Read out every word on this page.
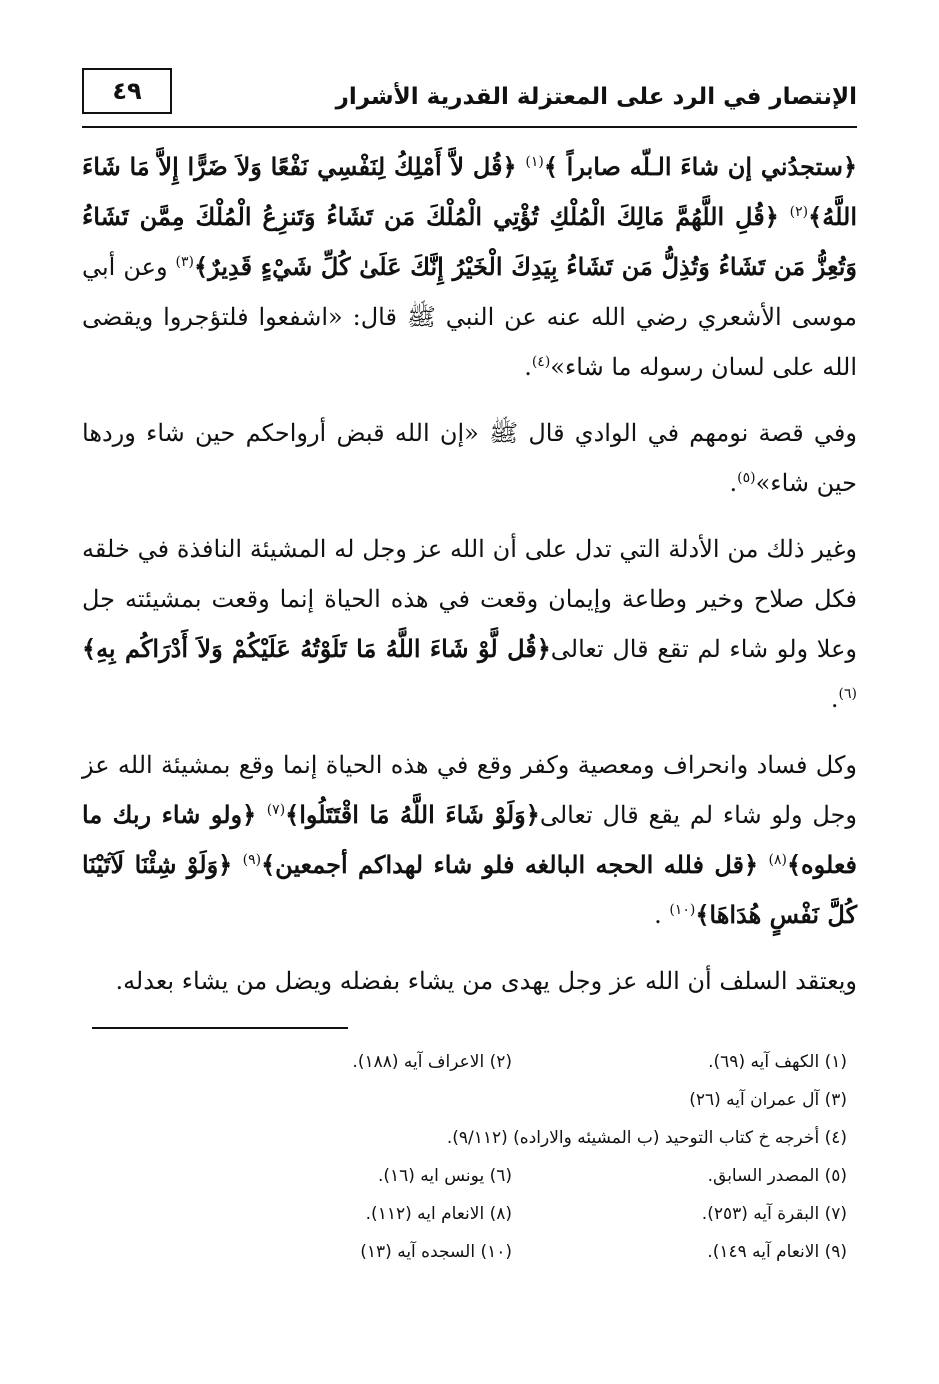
الإنتصار في الرد على المعتزلة القدرية الأشرار
٤٩

﴿ستجدُني إن شاءَ الـلّه صابراً ﴾$^{(١)}$ ﴿قُل لاَّ أَمْلِكُ لِنَفْسِي نَفْعًا وَلاَ ضَرًّا إِلاَّ مَا شَاءَ اللَّهُ﴾$^{(٢)}$ ﴿قُلِ اللَّهُمَّ مَالِكَ الْمُلْكِ تُؤْتِي الْمُلْكَ مَن تَشَاءُ وَتَنزِعُ الْمُلْكَ مِمَّن تَشَاءُ وَتُعِزُّ مَن تَشَاءُ وَتُذِلُّ مَن تَشَاءُ بِيَدِكَ الْخَيْرُ إِنَّكَ عَلَىٰ كُلِّ شَيْءٍ قَدِيرٌ﴾$^{(٣)}$ وعن أبي موسى الأشعري رضي الله عنه عن النبي ﷺ قال: «اشفعوا فلتؤجروا ويقضى الله على لسان رسوله ما شاء»$^{(٤)}$.

وفي قصة نومهم في الوادي قال ﷺ «إن الله قبض أرواحكم حين شاء وردها حين شاء»$^{(٥)}$.

وغير ذلك من الأدلة التي تدل على أن الله عز وجل له المشيئة النافذة في خلقه فكل صلاح وخير وطاعة وإيمان وقعت في هذه الحياة إنما وقعت بمشيئته جل وعلا ولو شاء لم تقع قال تعالى﴿قُل لَّوْ شَاءَ اللَّهُ مَا تَلَوْتُهُ عَلَيْكُمْ وَلاَ أَدْرَاكُم بِهِ﴾$^{(٦)}$.

وكل فساد وانحراف ومعصية وكفر وقع في هذه الحياة إنما وقع بمشيئة الله عز وجل ولو شاء لم يقع قال تعالى﴿وَلَوْ شَاءَ اللَّهُ مَا اقْتَتَلُوا﴾$^{(٧)}$ ﴿ولو شاء ربك ما فعلوه﴾$^{(٨)}$ ﴿قل فلله الحجه البالغه فلو شاء لهداكم أجمعين﴾$^{(٩)}$ ﴿وَلَوْ شِئْنَا لَآتَيْنَا كُلَّ نَفْسٍ هُدَاهَا﴾$^{(١٠)}$ .

ويعتقد السلف أن الله عز وجل يهدى من يشاء بفضله ويضل من يشاء بعدله.

(١) الكهف آيه (٦٩).
(٢) الاعراف آيه (١٨٨).
(٣) آل عمران آيه (٢٦)
(٤) أخرجه خ كتاب التوحيد (ب المشيئه والاراده) (٩/١١٢).
(٥) المصدر السابق.
(٦) يونس ايه (١٦).
(٧) البقرة آيه (٢٥٣).
(٨) الانعام ايه (١١٢).
(٩) الانعام آيه ١٤٩).
(١٠) السجده آيه (١٣)
